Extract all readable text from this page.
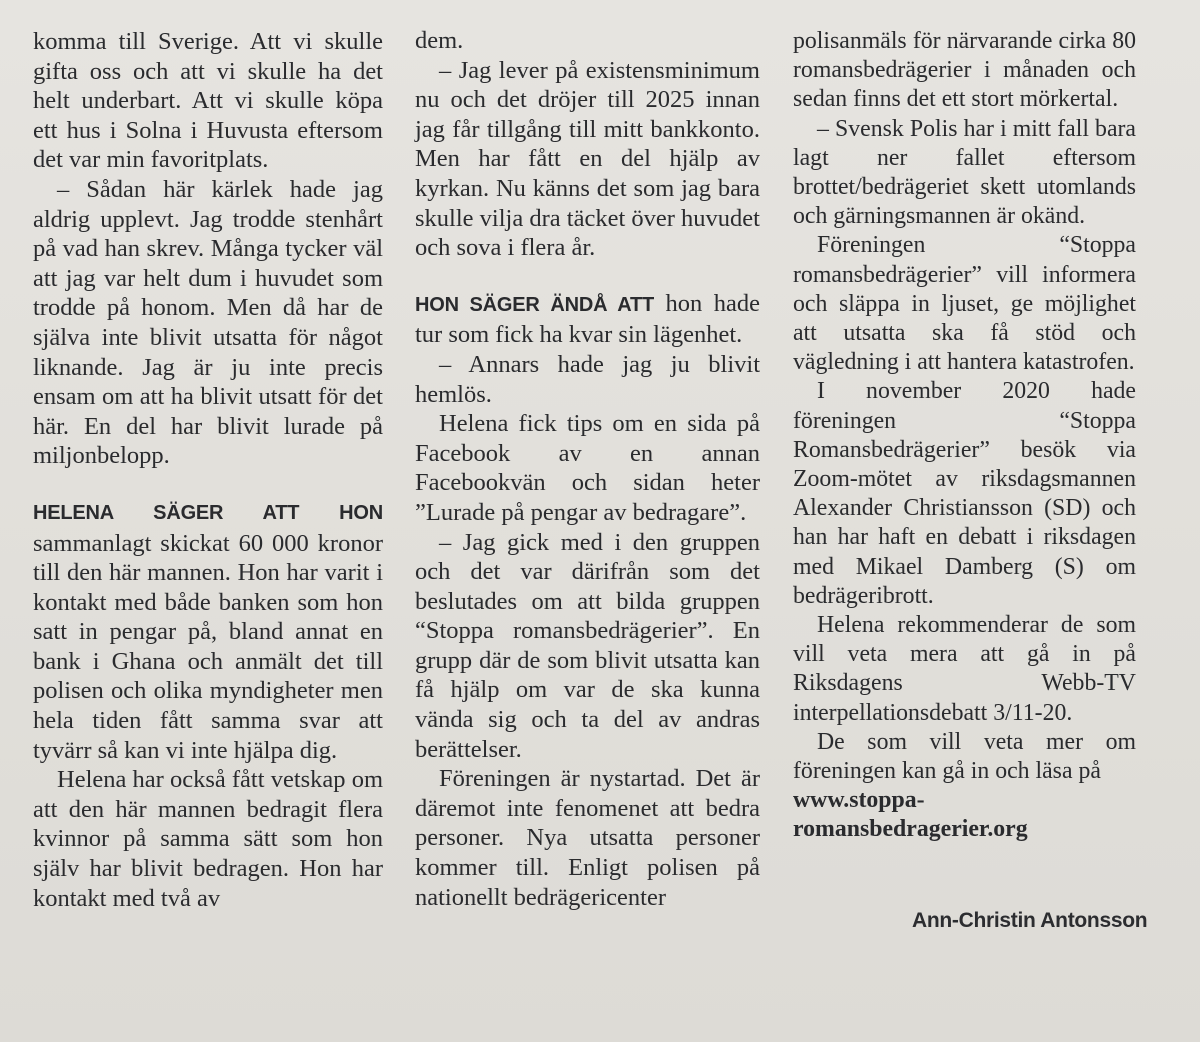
komma till Sverige. Att vi skulle gifta oss och att vi skulle ha det helt underbart. Att vi skulle köpa ett hus i Solna i Huvusta eftersom det var min favoritplats.

– Sådan här kärlek hade jag aldrig upplevt. Jag trodde stenhårt på vad han skrev. Många tycker väl att jag var helt dum i huvudet som trodde på honom. Men då har de själva inte blivit utsatta för något liknande. Jag är ju inte precis ensam om att ha blivit utsatt för det här. En del har blivit lurade på miljonbelopp.

HELENA SÄGER ATT HON sammanlagt skickat 60 000 kronor till den här mannen. Hon har varit i kontakt med både banken som hon satt in pengar på, bland annat en bank i Ghana och anmält det till polisen och olika myndigheter men hela tiden fått samma svar att tyvärr så kan vi inte hjälpa dig.

Helena har också fått vetskap om att den här mannen bedragit flera kvinnor på samma sätt som hon själv har blivit bedragen. Hon har kontakt med två av

dem.

– Jag lever på existensminimum nu och det dröjer till 2025 innan jag får tillgång till mitt bankkonto. Men har fått en del hjälp av kyrkan. Nu känns det som jag bara skulle vilja dra täcket över huvudet och sova i flera år.

HON SÄGER ÄNDÅ ATT hon hade tur som fick ha kvar sin lägenhet.

– Annars hade jag ju blivit hemlös.

Helena fick tips om en sida på Facebook av en annan Facebookvän och sidan heter ”Lurade på pengar av bedragare”.

– Jag gick med i den gruppen och det var därifrån som det beslutades om att bilda gruppen “Stoppa romansbedrägerier”. En grupp där de som blivit utsatta kan få hjälp om var de ska kunna vända sig och ta del av andras berättelser.

Föreningen är nystartad. Det är däremot inte fenomenet att bedra personer. Nya utsatta personer kommer till. Enligt polisen på nationellt bedrägericenter

polisanmäls för närvarande cirka 80 romansbedrägerier i månaden och sedan finns det ett stort mörkertal.

– Svensk Polis har i mitt fall bara lagt ner fallet eftersom brottet/bedrägeriet skett utomlands och gärningsmannen är okänd.

Föreningen “Stoppa romansbedrägerier” vill informera och släppa in ljuset, ge möjlighet att utsatta ska få stöd och vägledning i att hantera katastrofen.

I november 2020 hade föreningen “Stoppa Romansbedrägerier” besök via Zoom-mötet av riksdagsmannen Alexander Christiansson (SD) och han har haft en debatt i riksdagen med Mikael Damberg (S) om bedrägeribrott.

Helena rekommenderar de som vill veta mera att gå in på Riksdagens Webb-TV interpellationsdebatt 3/11-20.

De som vill veta mer om föreningen kan gå in och läsa på

www.stoppa-romansbedragerier.org

Ann-Christin Antonsson
